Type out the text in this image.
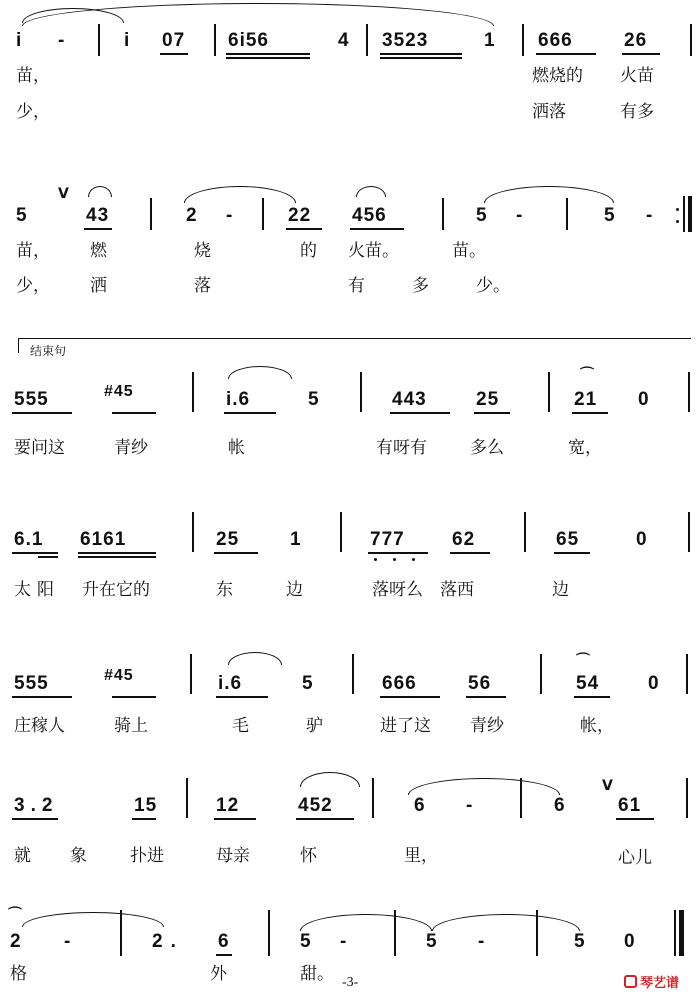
i -	i 07 6i56	4 3523	1 666	26
苗，	燃烧的 火苗
少，	洒落	有多
V
5	43	2 -	22 456	5 -	5 -
苗， 燃	烧	的 火苗。	苗。
少， 洒	落	有	多	少。
结束句
⌒
555	#45	i.6	5	443	25	21 0
要问这	青纱	帐	有呀有	多么	宽，
6.1 6161	25	1	777 62	65	0
太阳 升在它的	东	边	落呀么 落西	边
⌒
555	#45	i.6	5	666	56	54	0
庄稼人	骑上	毛	驴	进了这 青纱	帐，
V
3.2	15	12	452	6 -	6	61
就 象	扑进	母亲	怀	里，	心儿
⌒
2 -	2. 6	5 -	5 -	5 0
格	外	甜。 -3-	琴艺谱
